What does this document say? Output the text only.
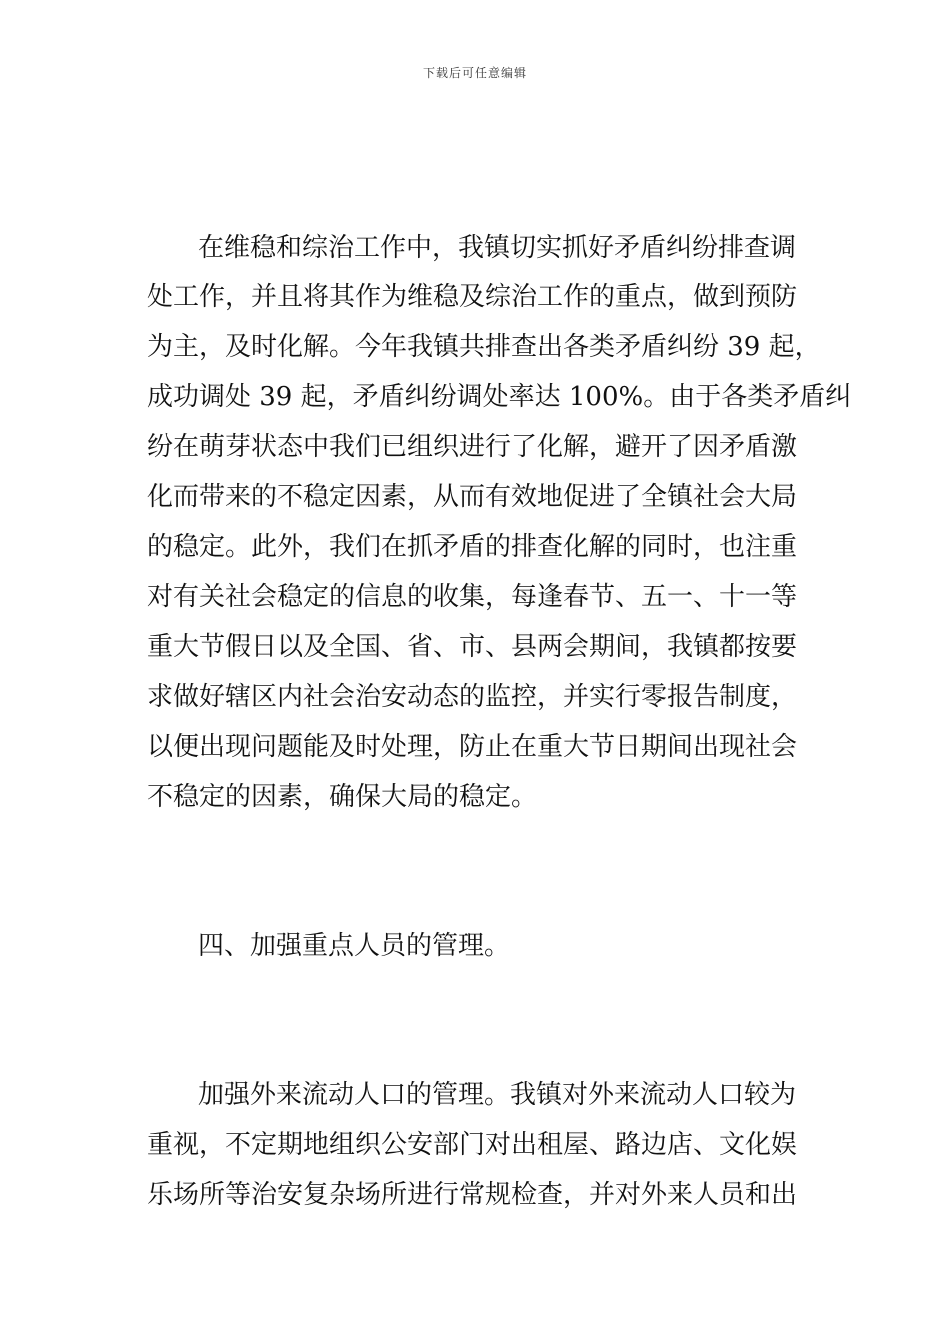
下载后可任意编辑
在维稳和综治工作中，我镇切实抓好矛盾纠纷排查调
处工作，并且将其作为维稳及综治工作的重点，做到预防
为主，及时化解。今年我镇共排查出各类矛盾纠纷 39 起，
成功调处 39 起，矛盾纠纷调处率达 100%。由于各类矛盾纠
纷在萌芽状态中我们已组织进行了化解，避开了因矛盾激
化而带来的不稳定因素，从而有效地促进了全镇社会大局
的稳定。此外，我们在抓矛盾的排查化解的同时，也注重
对有关社会稳定的信息的收集，每逢春节、五一、十一等
重大节假日以及全国、省、市、县两会期间，我镇都按要
求做好辖区内社会治安动态的监控，并实行零报告制度，
以便出现问题能及时处理，防止在重大节日期间出现社会
不稳定的因素，确保大局的稳定。
四、加强重点人员的管理。
加强外来流动人口的管理。我镇对外来流动人口较为
重视，不定期地组织公安部门对出租屋、路边店、文化娱
乐场所等治安复杂场所进行常规检查，并对外来人员和出
